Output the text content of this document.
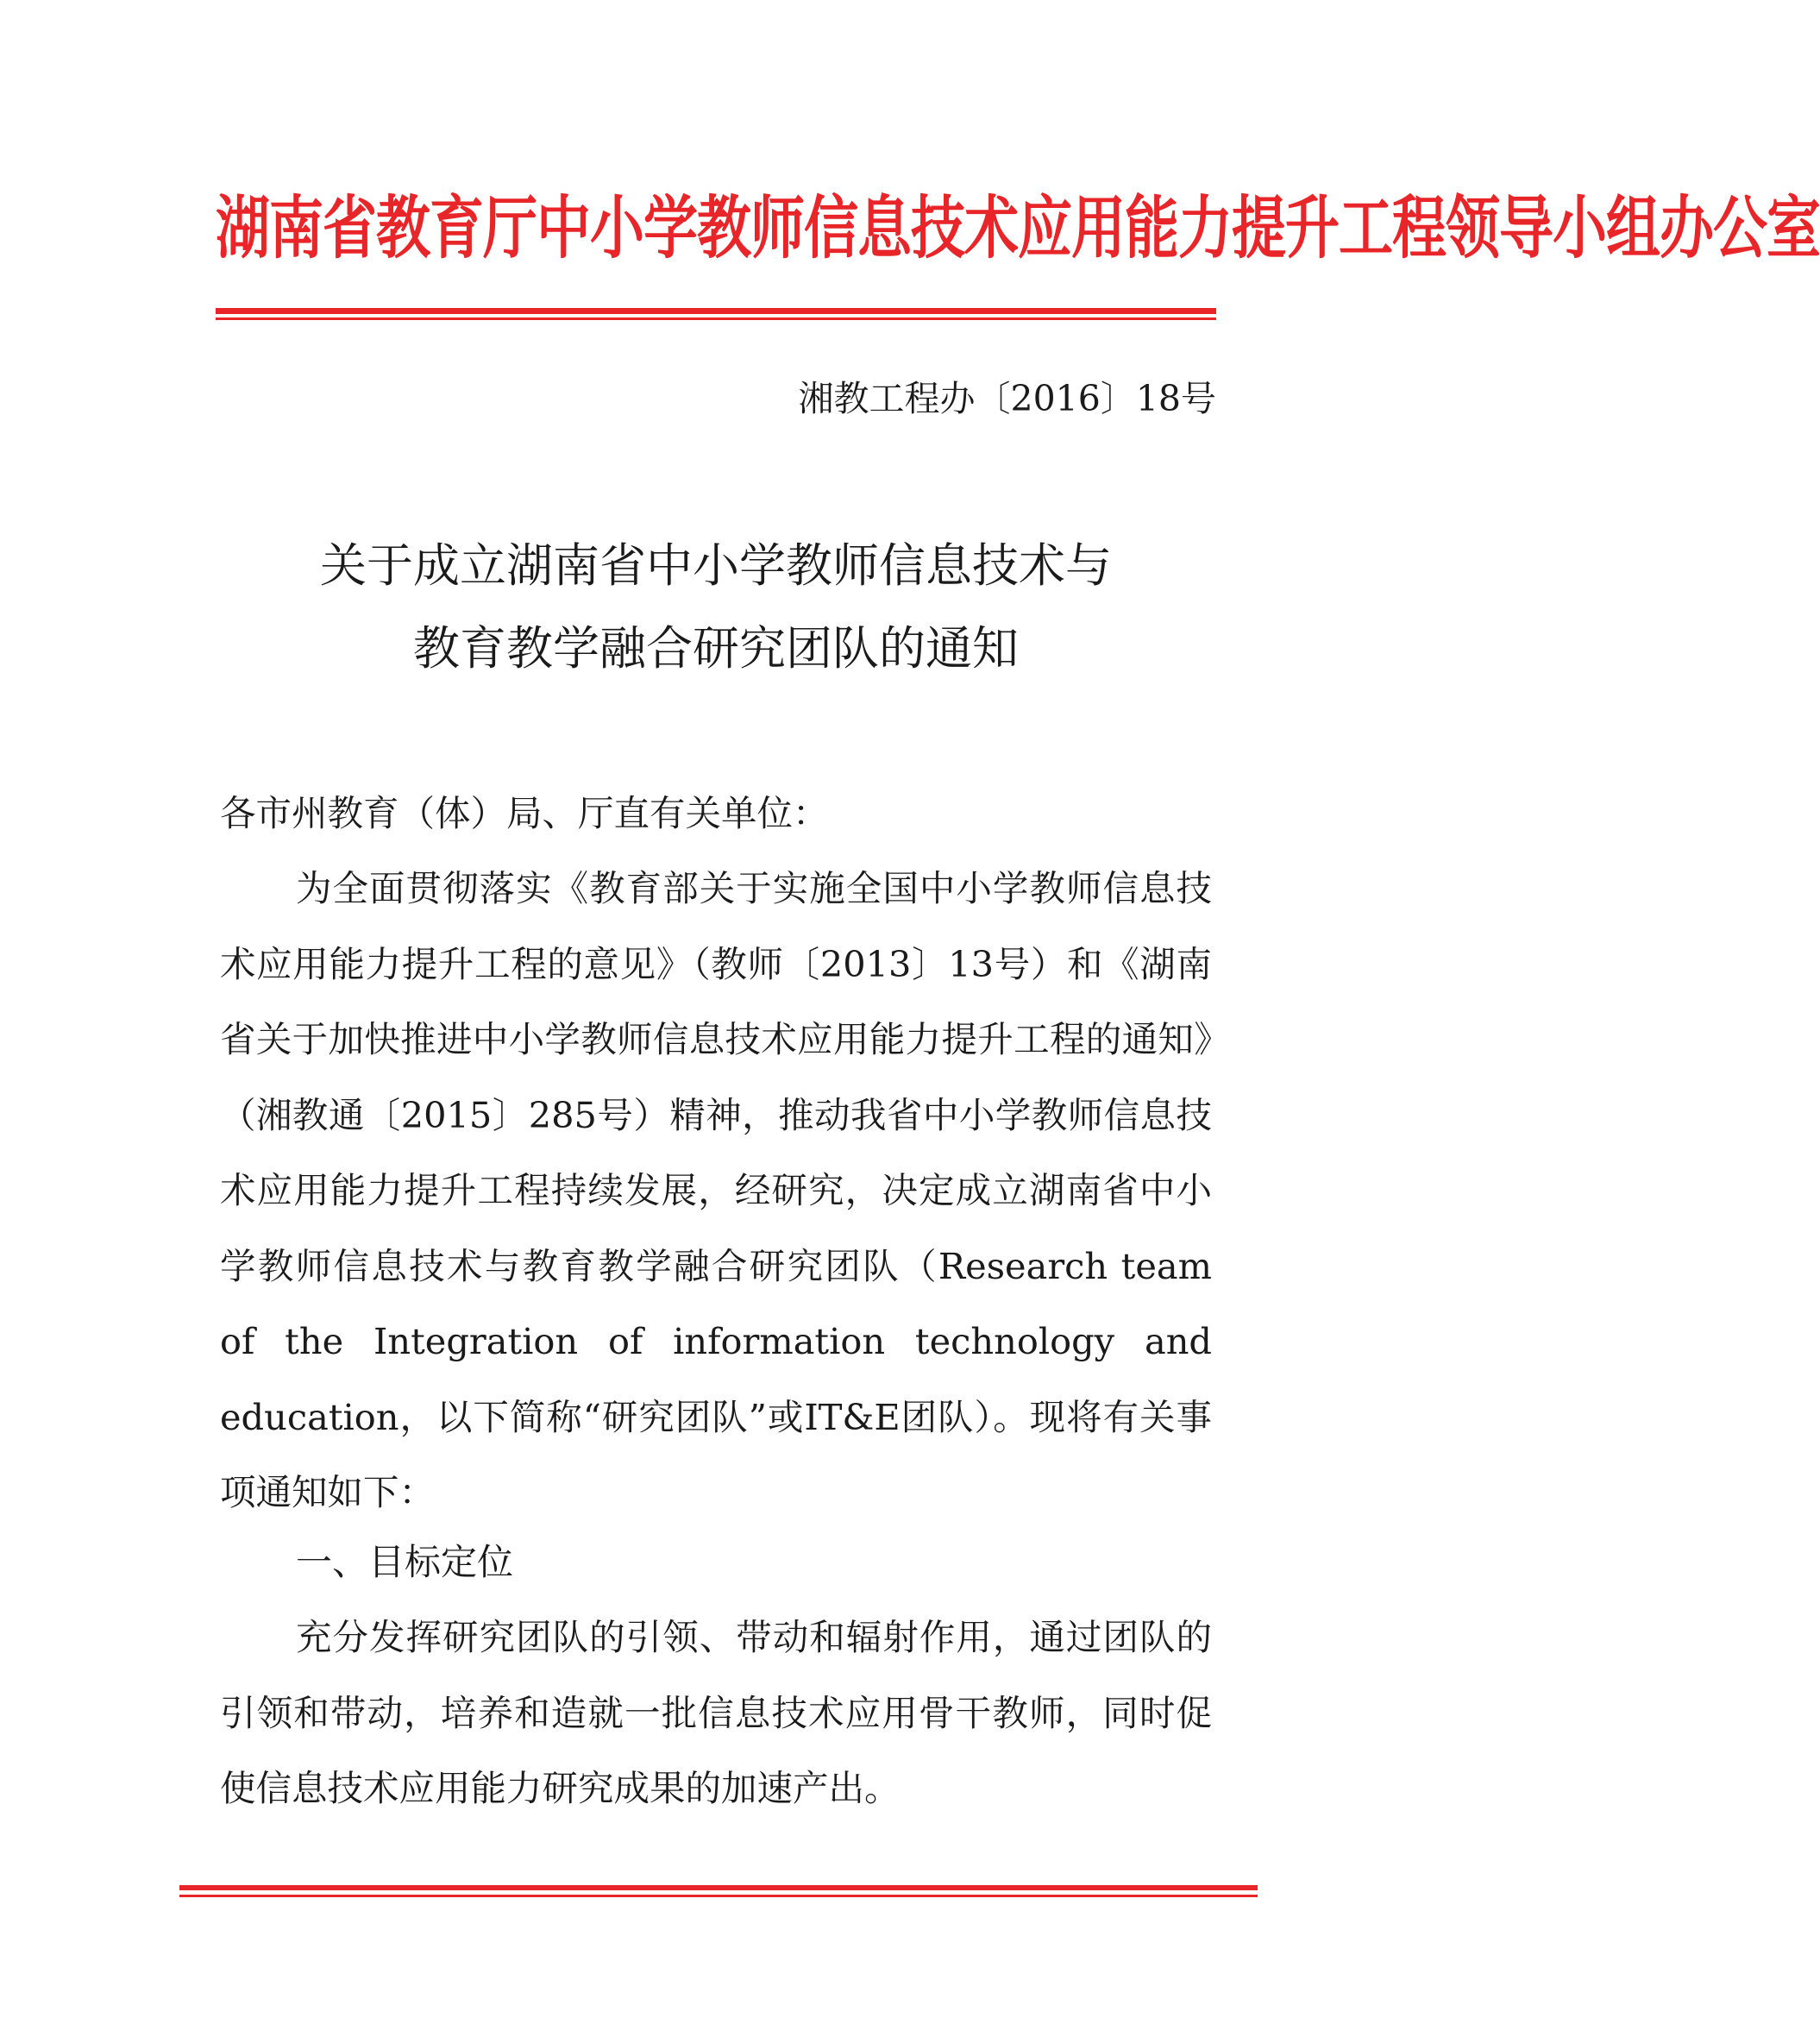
湖南省教育厅中小学教师信息技术应用能力提升工程领导小组办公室
湘教工程办〔2016〕18号
关于成立湖南省中小学教师信息技术与
教育教学融合研究团队的通知
各市州教育（体）局、厅直有关单位：
为全面贯彻落实《教育部关于实施全国中小学教师信息技术应用能力提升工程的意见》（教师〔2013〕13号）和《湖南省关于加快推进中小学教师信息技术应用能力提升工程的通知》（湘教通〔2015〕285号）精神，推动我省中小学教师信息技术应用能力提升工程持续发展，经研究，决定成立湖南省中小学教师信息技术与教育教学融合研究团队（Research team of the Integration of information technology and education，以下简称“研究团队”或IT&E团队）。现将有关事项通知如下：
一、目标定位
充分发挥研究团队的引领、带动和辐射作用，通过团队的引领和带动，培养和造就一批信息技术应用骨干教师，同时促使信息技术应用能力研究成果的加速产出。
